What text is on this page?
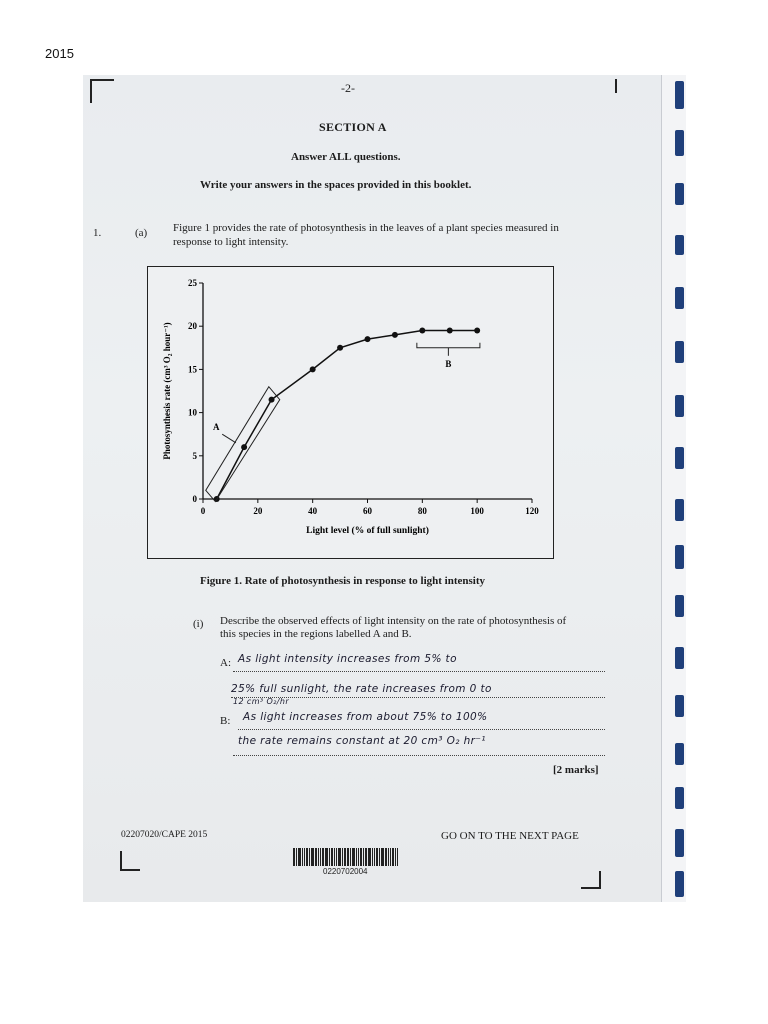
2015
-2-
SECTION A
Answer ALL questions.
Write your answers in the spaces provided in this booklet.
1.	(a) Figure 1 provides the rate of photosynthesis in the leaves of a plant species measured in
response to light intensity.
0	20	40	60	80	100	120
0
5
10
15
20
25
Light level (% of full sunlight)
Photosynthesis rate (cm³ O₂ hour⁻¹)	A
B
Figure 1. Rate of photosynthesis in response to light intensity
(i) Describe the observed effects of light intensity on the rate of photosynthesis of
this species in the regions labelled A and B.
A: As light intensity increases from 5% to
25% full sunlight, the rate increases from 0 to
12 cm³ O₂/hr
B: As light increases from about 75% to 100%
the rate remains constant at 20 cm³ O₂ hr⁻¹
[2 marks]
02207020/CAPE 2015	GO ON TO THE NEXT PAGE
0220702004
